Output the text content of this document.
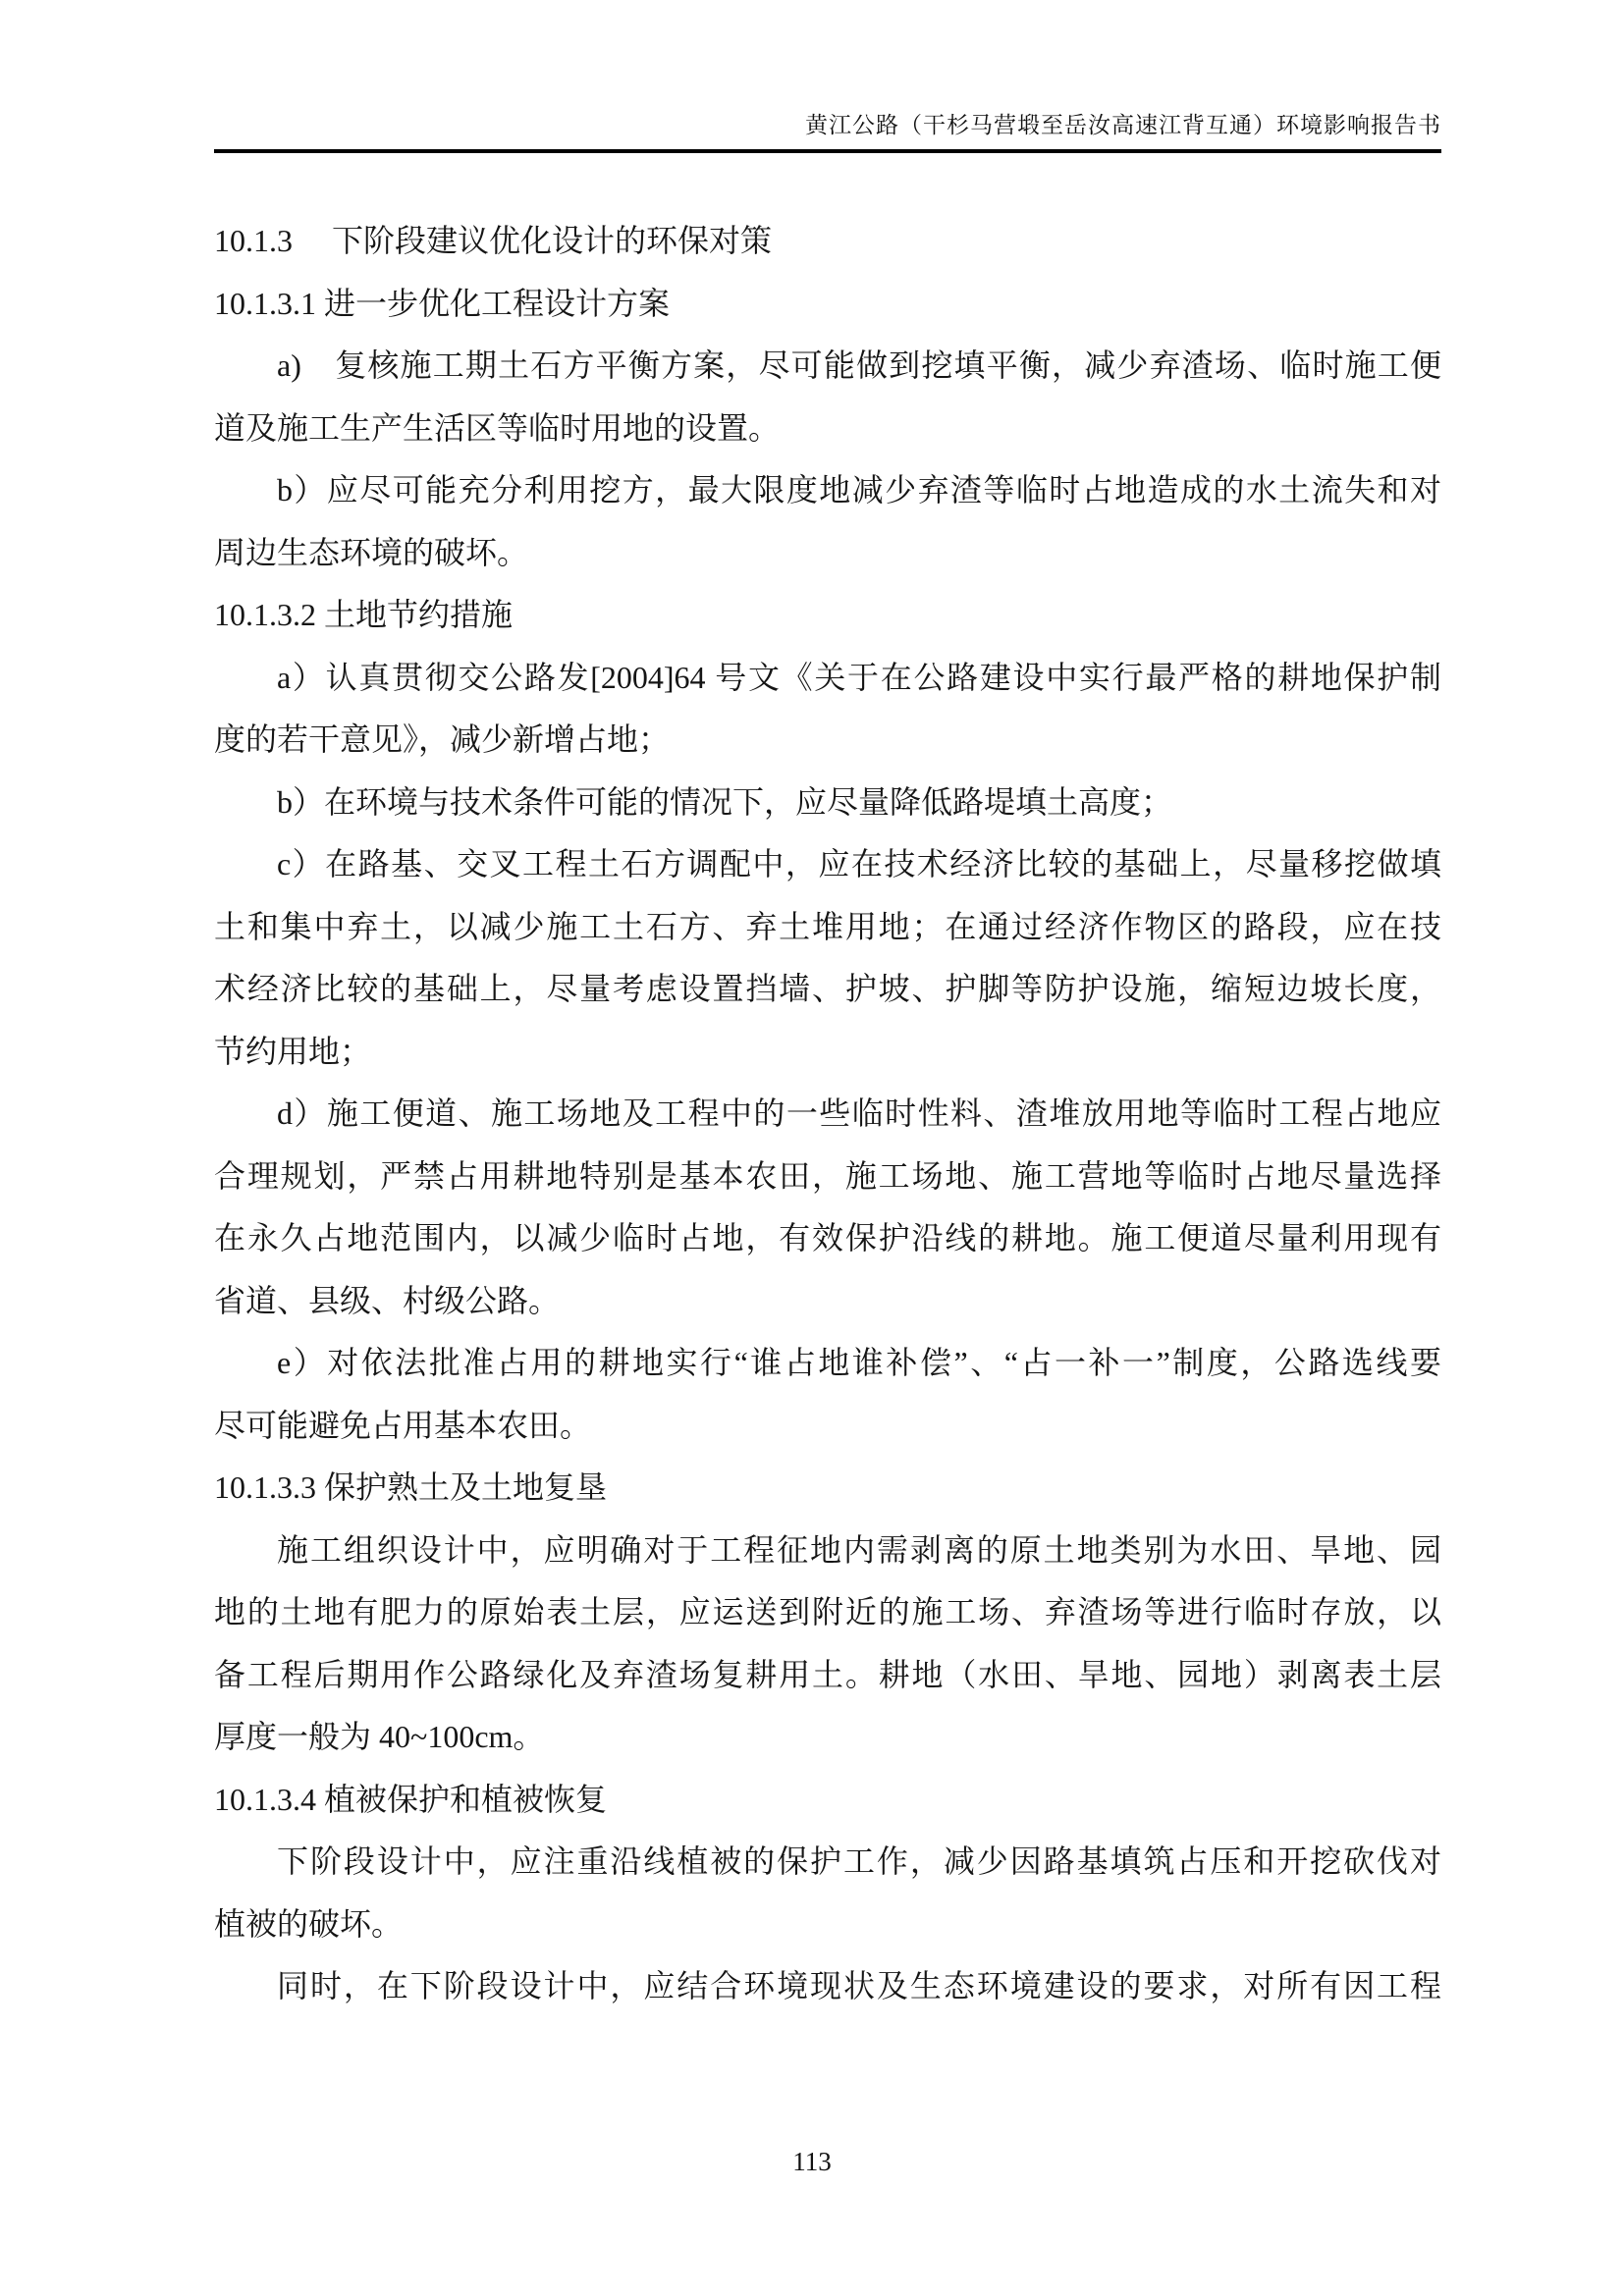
黄江公路（干杉马营塅至岳汝高速江背互通）环境影响报告书
10.1.3　 下阶段建议优化设计的环保对策
10.1.3.1 进一步优化工程设计方案
a)　复核施工期土石方平衡方案，尽可能做到挖填平衡，减少弃渣场、临时施工便
道及施工生产生活区等临时用地的设置。
b）应尽可能充分利用挖方，最大限度地减少弃渣等临时占地造成的水土流失和对
周边生态环境的破坏。
10.1.3.2 土地节约措施
a）认真贯彻交公路发[2004]64 号文《关于在公路建设中实行最严格的耕地保护制
度的若干意见》，减少新增占地；
b）在环境与技术条件可能的情况下，应尽量降低路堤填土高度；
c）在路基、交叉工程土石方调配中，应在技术经济比较的基础上，尽量移挖做填
土和集中弃土，以减少施工土石方、弃土堆用地；在通过经济作物区的路段，应在技
术经济比较的基础上，尽量考虑设置挡墙、护坡、护脚等防护设施，缩短边坡长度，
节约用地；
d）施工便道、施工场地及工程中的一些临时性料、渣堆放用地等临时工程占地应
合理规划，严禁占用耕地特别是基本农田，施工场地、施工营地等临时占地尽量选择
在永久占地范围内，以减少临时占地，有效保护沿线的耕地。施工便道尽量利用现有
省道、县级、村级公路。
e）对依法批准占用的耕地实行“谁占地谁补偿”、“占一补一”制度，公路选线要
尽可能避免占用基本农田。
10.1.3.3 保护熟土及土地复垦
施工组织设计中，应明确对于工程征地内需剥离的原土地类别为水田、旱地、园
地的土地有肥力的原始表土层，应运送到附近的施工场、弃渣场等进行临时存放，以
备工程后期用作公路绿化及弃渣场复耕用土。耕地（水田、旱地、园地）剥离表土层
厚度一般为 40~100cm。
10.1.3.4 植被保护和植被恢复
下阶段设计中，应注重沿线植被的保护工作，减少因路基填筑占压和开挖砍伐对
植被的破坏。
同时，在下阶段设计中，应结合环境现状及生态环境建设的要求，对所有因工程
113
